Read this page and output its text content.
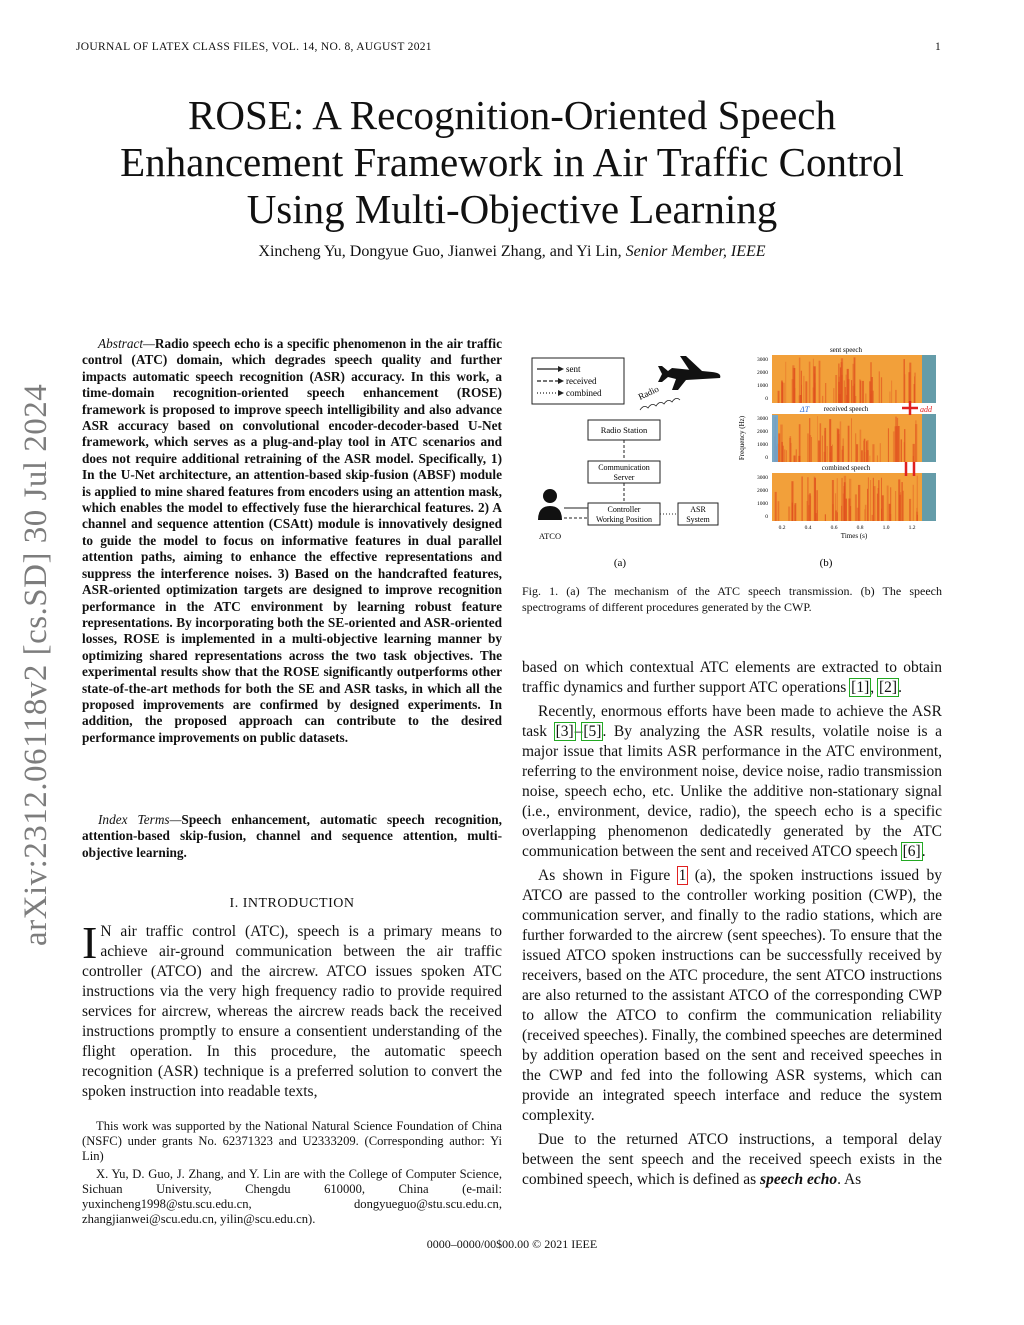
JOURNAL OF LATEX CLASS FILES, VOL. 14, NO. 8, AUGUST 2021	1
ROSE: A Recognition-Oriented Speech
Enhancement Framework in Air Traffic Control
Using Multi-Objective Learning
Xincheng Yu, Dongyue Guo, Jianwei Zhang, and Yi Lin, Senior Member, IEEE
arXiv:2312.06118v2 [cs.SD] 30 Jul 2024

Abstract—Radio speech echo is a specific phenomenon in the air traffic control (ATC) domain, which degrades speech quality and further impacts automatic speech recognition (ASR) accuracy. In this work, a time-domain recognition-oriented speech enhancement (ROSE) framework is proposed to improve speech intelligibility and also advance ASR accuracy based on convolutional encoder-decoder-based U-Net framework, which serves as a plug-and-play tool in ATC scenarios and does not require additional retraining of the ASR model. Specifically, 1) In the U-Net architecture, an attention-based skip-fusion (ABSF) module is applied to mine shared features from encoders using an attention mask, which enables the model to effectively fuse the hierarchical features. 2) A channel and sequence attention (CSAtt) module is innovatively designed to guide the model to focus on informative features in dual parallel attention paths, aiming to enhance the effective representations and suppress the interference noises. 3) Based on the handcrafted features, ASR-oriented optimization targets are designed to improve recognition performance in the ATC environment by learning robust feature representations. By incorporating both the SE-oriented and ASR-oriented losses, ROSE is implemented in a multi-objective learning manner by optimizing shared representations across the two task objectives. The experimental results show that the ROSE significantly outperforms other state-of-the-art methods for both the SE and ASR tasks, in which all the proposed improvements are confirmed by designed experiments. In addition, the proposed approach can contribute to the desired performance improvements on public datasets.

Index Terms—Speech enhancement, automatic speech recognition, attention-based skip-fusion, channel and sequence attention, multi-objective learning.

I. INTRODUCTION

I N air traffic control (ATC), speech is a primary means to achieve air-ground communication between the air traffic controller (ATCO) and the aircrew. ATCO issues spoken ATC instructions via the very high frequency radio to provide required services for aircrew, whereas the aircrew reads back the received instructions promptly to ensure a consentient understanding of the flight operation. In this procedure, the automatic speech recognition (ASR) technique is a preferred solution to convert the spoken instruction into readable texts,

This work was supported by the National Natural Science Foundation of China (NSFC) under grants No. 62371323 and U2333209. (Corresponding author: Yi Lin)

X. Yu, D. Guo, J. Zhang, and Y. Lin are with the College of Computer Science, Sichuan University, Chengdu 610000, China (e-mail: yuxincheng1998@stu.scu.edu.cn, dongyueguo@stu.scu.edu.cn, zhangjianwei@scu.edu.cn, yilin@scu.edu.cn).

sent
received
combined	Radio
Radio Station
Communication
Server
Controller
Working Position
ASR
System
ATCO
(a)
sent speech
received speech
combined speech
ΔT	add
Frequency (Hz)
3000
2000
1000
0
3000
2000
1000
0
3000
2000
1000
0
0.2	0.4	0.6	0.8	1.0	1.2
Times (s)
(b)
Fig. 1. (a) The mechanism of the ATC speech transmission. (b) The speech spectrograms of different procedures generated by the CWP.

based on which contextual ATC elements are extracted to obtain traffic dynamics and further support ATC operations [1], [2].

Recently, enormous efforts have been made to achieve the ASR task [3]–[5]. By analyzing the ASR results, volatile noise is a major issue that limits ASR performance in the ATC environment, referring to the environment noise, device noise, radio transmission noise, speech echo, etc. Unlike the additive non-stationary signal (i.e., environment, device, radio), the speech echo is a specific overlapping phenomenon dedicatedly generated by the ATC communication between the sent and received ATCO speech [6].

As shown in Figure 1 (a), the spoken instructions issued by ATCO are passed to the controller working position (CWP), the communication server, and finally to the radio stations, which are further forwarded to the aircrew (sent speeches). To ensure that the issued ATCO spoken instructions can be successfully received by receivers, based on the ATC procedure, the sent ATCO instructions are also returned to the assistant ATCO of the corresponding CWP to allow the ATCO to confirm the communication reliability (received speeches). Finally, the combined speeches are determined by addition operation based on the sent and received speeches in the CWP and fed into the following ASR systems, which can provide an integrated speech interface and reduce the system complexity.

Due to the returned ATCO instructions, a temporal delay between the sent speech and the received speech exists in the combined speech, which is defined as speech echo. As

0000–0000/00$00.00 © 2021 IEEE
